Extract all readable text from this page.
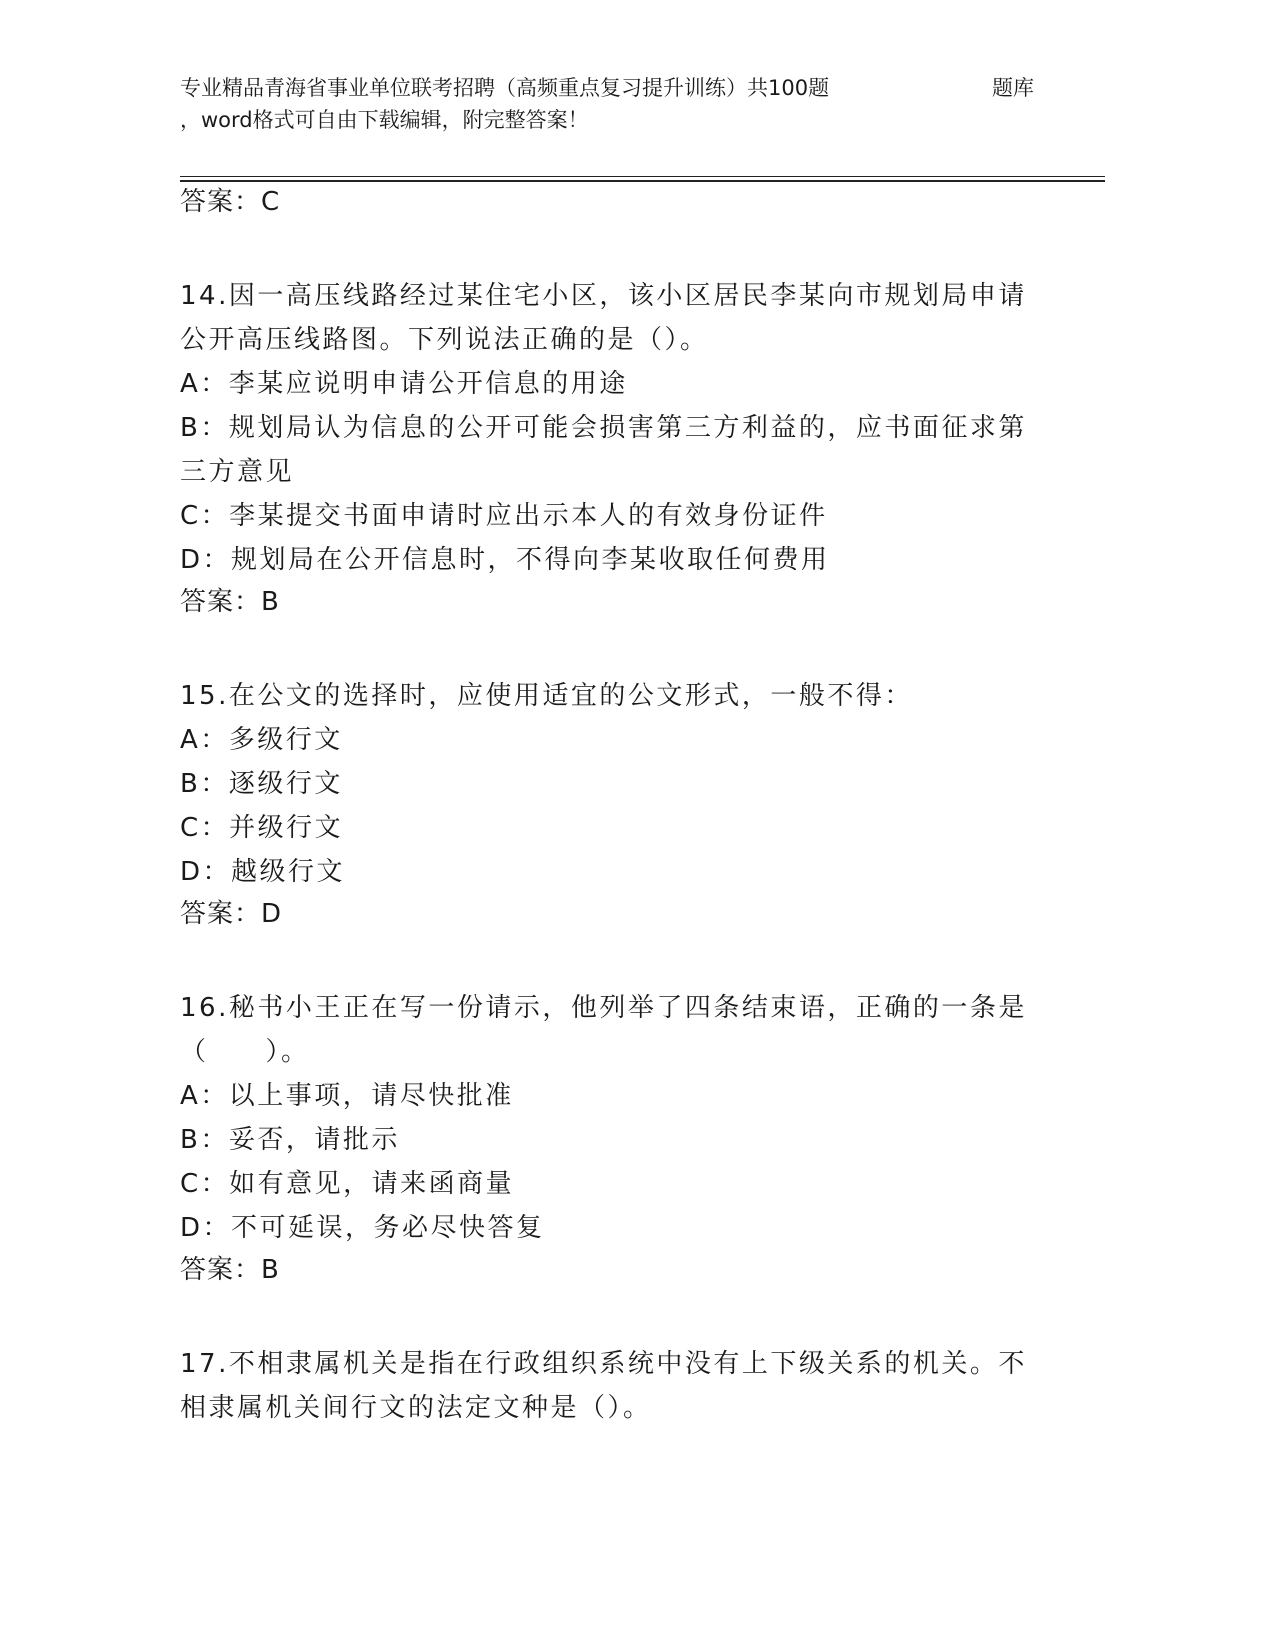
专业精品青海省事业单位联考招聘（高频重点复习提升训练）共100题	题库
，word格式可自由下载编辑，附完整答案！
答案：C
14.因一高压线路经过某住宅小区，该小区居民李某向市规划局申请公开高压线路图。下列说法正确的是（）。
A：李某应说明申请公开信息的用途
B：规划局认为信息的公开可能会损害第三方利益的，应书面征求第三方意见
C：李某提交书面申请时应出示本人的有效身份证件
D：规划局在公开信息时，不得向李某收取任何费用
答案：B
15.在公文的选择时，应使用适宜的公文形式，一般不得：
A：多级行文
B：逐级行文
C：并级行文
D：越级行文
答案：D
16.秘书小王正在写一份请示，他列举了四条结束语，正确的一条是（　　）。
A：以上事项，请尽快批准
B：妥否，请批示
C：如有意见，请来函商量
D：不可延误，务必尽快答复
答案：B
17.不相隶属机关是指在行政组织系统中没有上下级关系的机关。不相隶属机关间行文的法定文种是（）。
